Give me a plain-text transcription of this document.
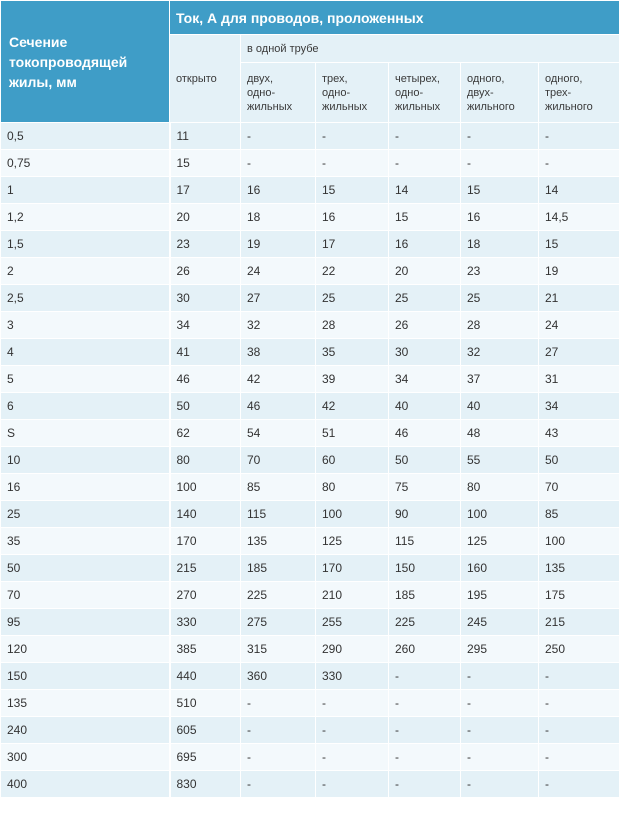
Сечение
токопроводящей
жилы, мм	Ток, А для проводов, проложенных					
	открыто	в одной трубе				

		двух,
одно-
жильных	трех,
одно-
жильных	четырех,
одно-
жильных	одного,
двух-
жильного	одного,
трех-
жильного

0,5	11	-	-	-	-	-
0,75	15	-	-	-	-	-
1	17	16	15	14	15	14
1,2	20	18	16	15	16	14,5
1,5	23	19	17	16	18	15
2	26	24	22	20	23	19
2,5	30	27	25	25	25	21
3	34	32	28	26	28	24
4	41	38	35	30	32	27
5	46	42	39	34	37	31
6	50	46	42	40	40	34
S	62	54	51	46	48	43
10	80	70	60	50	55	50
16	100	85	80	75	80	70
25	140	115	100	90	100	85
35	170	135	125	115	125	100
50	215	185	170	150	160	135
70	270	225	210	185	195	175
95	330	275	255	225	245	215
120	385	315	290	260	295	250
150	440	360	330	-	-	-
135	510	-	-	-	-	-
240	605	-	-	-	-	-
300	695	-	-	-	-	-
400	830	-	-	-	-	-
